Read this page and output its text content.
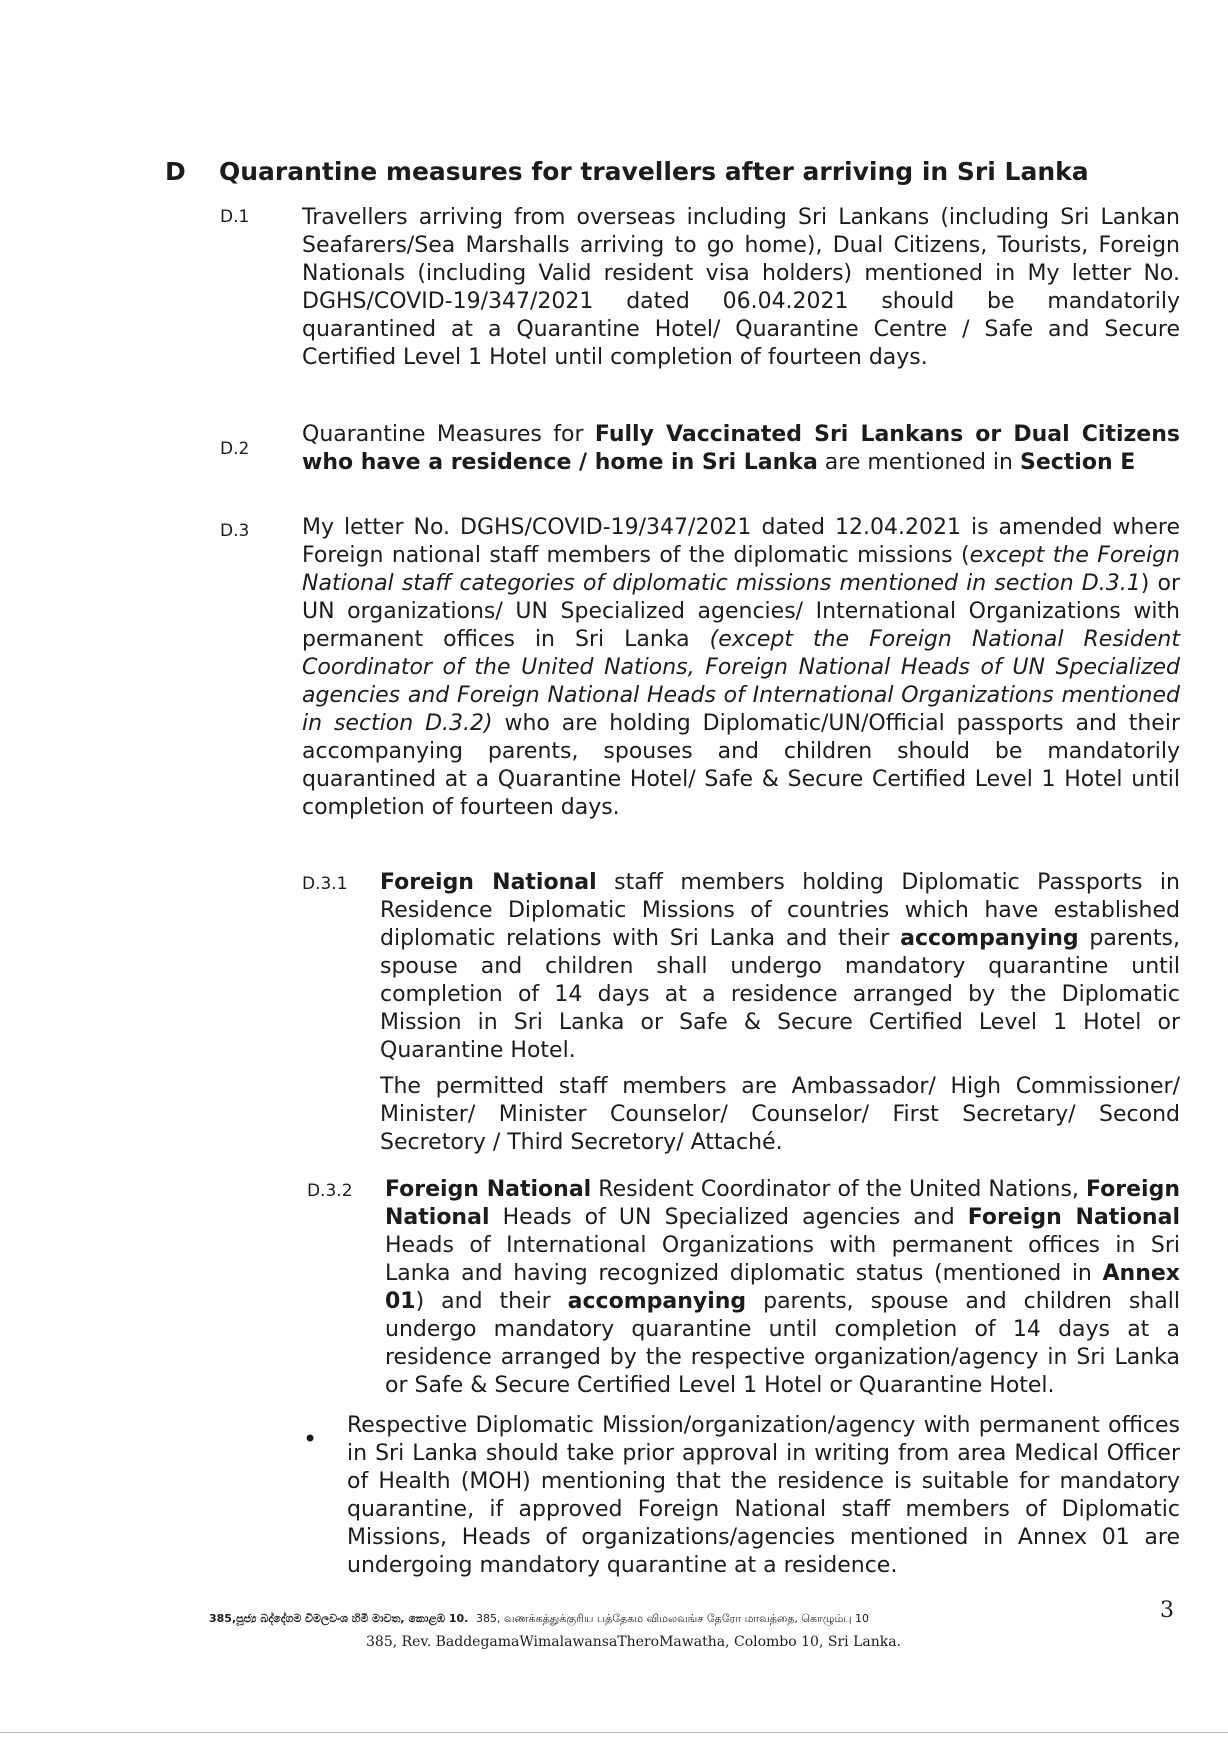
D Quarantine measures for travellers after arriving in Sri Lanka
D.1 Travellers arriving from overseas including Sri Lankans (including Sri Lankan Seafarers/Sea Marshalls arriving to go home), Dual Citizens, Tourists, Foreign Nationals (including Valid resident visa holders) mentioned in My letter No. DGHS/COVID-19/347/2021 dated 06.04.2021 should be mandatorily quarantined at a Quarantine Hotel/ Quarantine Centre / Safe and Secure Certified Level 1 Hotel until completion of fourteen days.
D.2
Quarantine Measures for Fully Vaccinated Sri Lankans or Dual Citizens who have a residence / home in Sri Lanka are mentioned in Section E
D.3 My letter No. DGHS/COVID-19/347/2021 dated 12.04.2021 is amended where Foreign national staff members of the diplomatic missions (except the Foreign National staff categories of diplomatic missions mentioned in section D.3.1) or UN organizations/ UN Specialized agencies/ International Organizations with permanent offices in Sri Lanka (except the Foreign National Resident Coordinator of the United Nations, Foreign National Heads of UN Specialized agencies and Foreign National Heads of International Organizations mentioned in section D.3.2) who are holding Diplomatic/UN/Official passports and their accompanying parents, spouses and children should be mandatorily quarantined at a Quarantine Hotel/ Safe & Secure Certified Level 1 Hotel until completion of fourteen days.
D.3.1 Foreign National staff members holding Diplomatic Passports in Residence Diplomatic Missions of countries which have established diplomatic relations with Sri Lanka and their accompanying parents, spouse and children shall undergo mandatory quarantine until completion of 14 days at a residence arranged by the Diplomatic Mission in Sri Lanka or Safe & Secure Certified Level 1 Hotel or Quarantine Hotel.
The permitted staff members are Ambassador/ High Commissioner/ Minister/ Minister Counselor/ Counselor/ First Secretary/ Second Secretory / Third Secretory/ Attaché.
D.3.2 Foreign National Resident Coordinator of the United Nations, Foreign National Heads of UN Specialized agencies and Foreign National Heads of International Organizations with permanent offices in Sri Lanka and having recognized diplomatic status (mentioned in Annex 01) and their accompanying parents, spouse and children shall undergo mandatory quarantine until completion of 14 days at a residence arranged by the respective organization/agency in Sri Lanka or Safe & Secure Certified Level 1 Hotel or Quarantine Hotel.
• Respective Diplomatic Mission/organization/agency with permanent offices in Sri Lanka should take prior approval in writing from area Medical Officer of Health (MOH) mentioning that the residence is suitable for mandatory quarantine, if approved Foreign National staff members of Diplomatic Missions, Heads of organizations/agencies mentioned in Annex 01 are undergoing mandatory quarantine at a residence.
385,පූජ්‍ය බද්දේගම විමලවංශ හිමි මාවත, කොළඹ 10. 385, வணக்கத்துக்குரிய பத்தேகம விமலவங்ச தேரோ மாவத்தை, கொழும்பு 10
385, Rev. BaddegamaWimalawansaTheroMawatha, Colombo 10, Sri Lanka.
3
